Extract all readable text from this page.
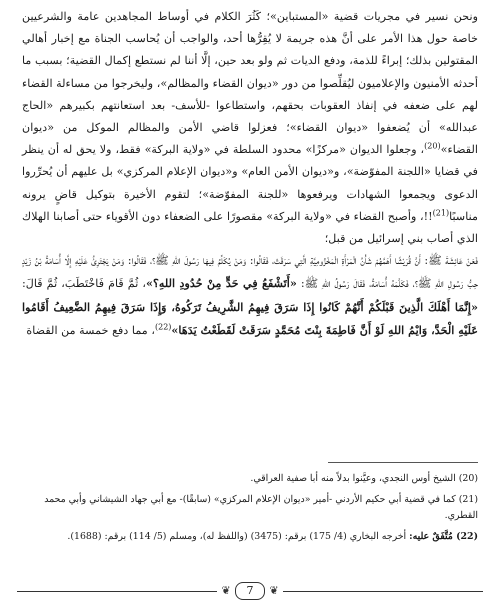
ونحن نسير في مجريات قضية «المستباين»؛ كَثُرَ الكلام في أوساط المجاهدين عامة والشرعيين خاصة حول هذا الأمر على أنَّ هذه جريمة لا يُقِرُّها أحد، والواجب أن يُحاسب الجناة مع إخبار أهالي المقتولين بذلك؛ إبراءً للذمة، ودفع الديات ثم ولو بعد حين، إلَّا أننا لم نستطع إكمال القضية؛ بسبب ما أحدثه الأمنيون والإعلاميون ليُقلِّصوا من دور «ديوان القضاء والمظالم»، وليخرجوا من مساءلة القضاء لهم على ضعفه في إنفاذ العقوبات بحقهم، واستطاعوا -للأسف- بعد استعانتهم بكبيرهم «الحاج عبدالله» أن يُضعفوا «ديوان القضاء»؛ فعزلوا قاضي الأمن والمظالم الموكل من «ديوان القضاء»$^{(20)}$، وجعلوا الديوان «مركزًا» محدود السلطة في «ولاية البركة» فقط، ولا يحق له أن ينظر في قضايا «اللجنة المفوّضة»، و«ديوان الأمن العام» و«ديوان الإعلام المركزي» بل عليهم أن يُحرِّروا الدعوى ويجمعوا الشهادات ويرفعوها «للجنة المفوّضة»؛ لتقوم الأخيرة بتوكيل قاضٍ يرونه مناسبًا$^{(21)}$!!، وأصبح القضاء في «ولاية البركة» مقصورًا على الضعفاء دون الأقوياء حتى أصابنا الهلاك الذي أصاب بني إسرائيل من قبل؛

فَعَنْ عَائِشَةَ ﷺ: أَنَّ قُرَيْشًا أَهَمَّهُمْ شَأْنُ الْمَرْأَةِ الْمَخْزُومِيَّةِ الَّتِي سَرَقَتْ، فَقَالُوا: وَمَنْ يُكَلِّمُ فِيهَا رَسُولَ اللهِ ﷺ؟، فَقَالُوا: وَمَنْ يَجْتَرِئُ عَلَيْهِ إِلَّا أُسَامَةُ بْنُ زَيْدٍ حِبُّ رَسُولِ اللهِ ﷺ؟، فَكَلَّمَهُ أُسَامَةُ، فَقَالَ رَسُولُ اللهِ ﷺ: «أَتَشْفَعُ فِي حَدٍّ مِنْ حُدُودِ اللهِ؟»، ثُمَّ قَامَ فَاخْتَطَبَ، ثُمَّ قَالَ: «إِنَّمَا أَهْلَكَ الَّذِينَ قَبْلَكُمْ أَنَّهُمْ كَانُوا إِذَا سَرَقَ فِيهِمُ الشَّرِيفُ تَرَكُوهُ، وَإِذَا سَرَقَ فِيهِمُ الضَّعِيفُ أَقَامُوا عَلَيْهِ الْحَدَّ، وَايْمُ اللهِ لَوْ أَنَّ فَاطِمَةَ بِنْتَ مُحَمَّدٍ سَرَقَتْ لَقَطَعْتُ يَدَهَا»$^{(22)}$، مما دفع خمسة من القضاة

(20) الشيخ أوس النجدي، وعيَّنوا بدلاً منه أبا صفية العراقي.

(21) كما في قضية أبي حكيم الأردني -أمير «ديوان الإعلام المركزي» (سابقًا)- مع أبي جهاد الشيشاني وأبي محمد القطري.

(22) مُتَّفَقٌ عليه: أخرجه البخاري (4/ 175) برقم: (3475) (واللفظ له)، ومسلم (5/ 114) برقم: (1688).

❦	7	❦
